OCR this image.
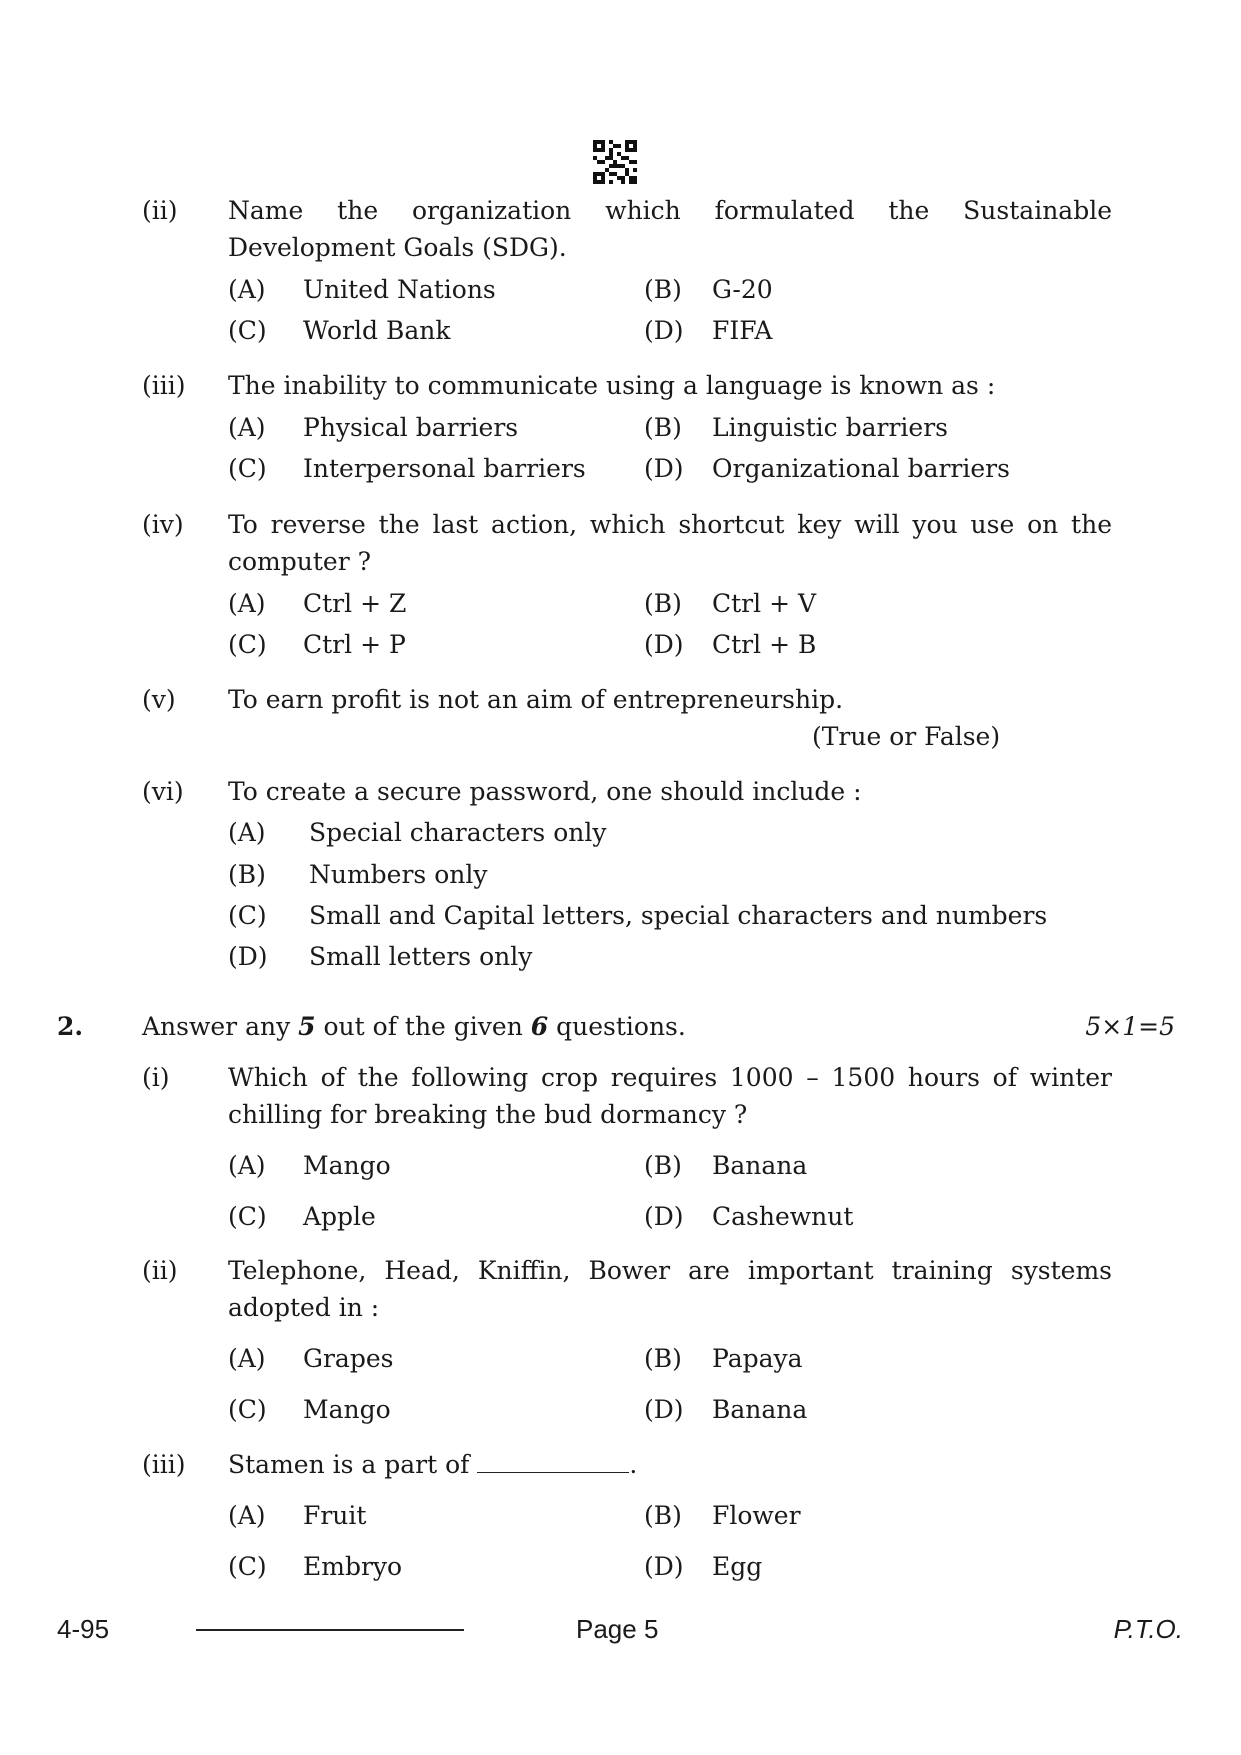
(ii) Name the organization which formulated the Sustainable
Development Goals (SDG).
(A) United Nations	(B) G-20
(C) World Bank	(D) FIFA
(iii) The inability to communicate using a language is known as :
(A) Physical barriers	(B) Linguistic barriers
(C) Interpersonal barriers (D) Organizational barriers
(iv) To reverse the last action, which shortcut key will you use on the
computer ?
(A) Ctrl + Z	(B) Ctrl + V
(C) Ctrl + P	(D) Ctrl + B
(v) To earn profit is not an aim of entrepreneurship.
(True or False)
(vi) To create a secure password, one should include :
(A) Special characters only
(B) Numbers only
(C) Small and Capital letters, special characters and numbers
(D) Small letters only
2. Answer any 5 out of the given 6 questions.	5×1=5
(i) Which of the following crop requires 1000 – 1500 hours of winter
chilling for breaking the bud dormancy ?
(A) Mango	(B) Banana
(C) Apple	(D) Cashewnut
(ii) Telephone, Head, Kniffin, Bower are important training systems
adopted in :
(A) Grapes	(B) Papaya
(C) Mango	(D) Banana
(iii) Stamen is a part of	.
(A) Fruit	(B) Flower
(C) Embryo	(D) Egg
4-95	Page 5	P.T.O.
